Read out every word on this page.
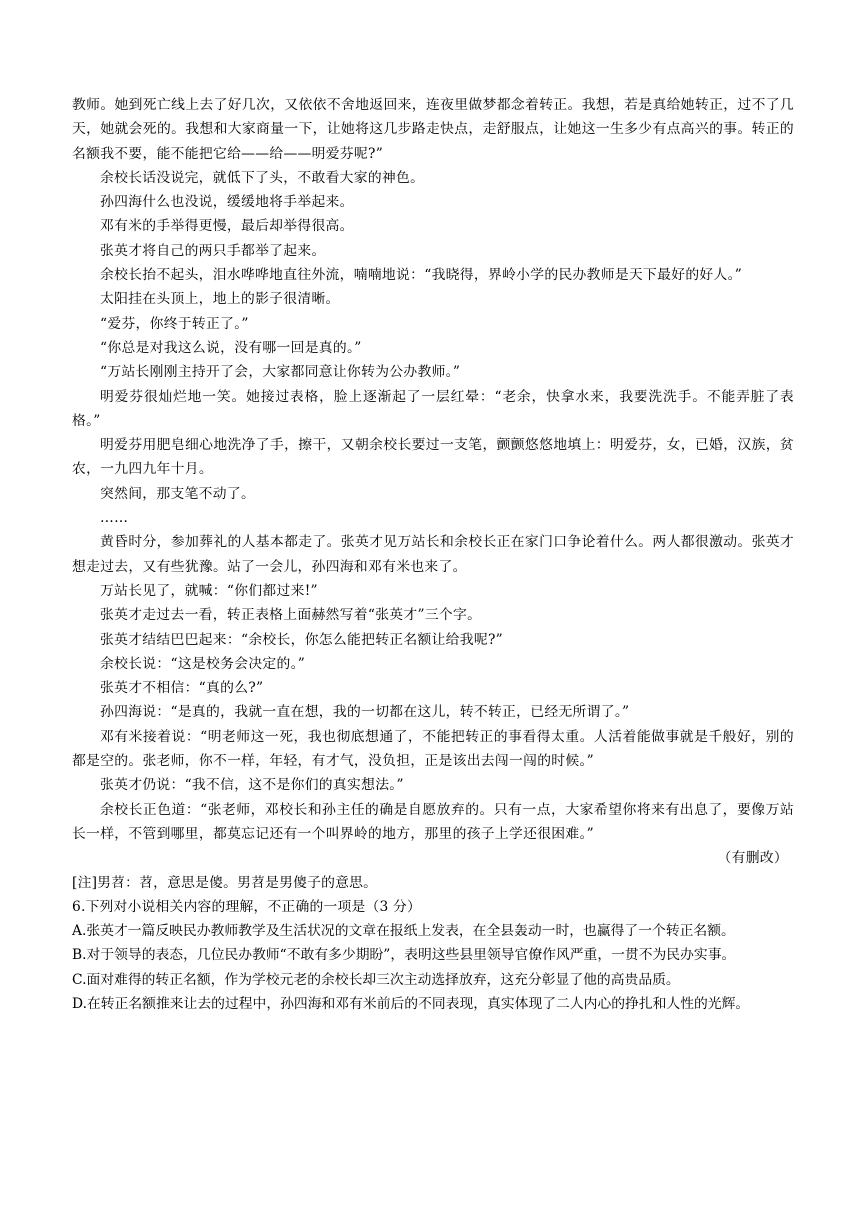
教师。她到死亡线上去了好几次，又依依不舍地返回来，连夜里做梦都念着转正。我想，若是真给她转正，过不了几天，她就会死的。我想和大家商量一下，让她将这几步路走快点，走舒服点，让她这一生多少有点高兴的事。转正的名额我不要，能不能把它给——给——明爱芬呢?”

余校长话没说完，就低下了头，不敢看大家的神色。

孙四海什么也没说，缓缓地将手举起来。

邓有米的手举得更慢，最后却举得很高。

张英才将自己的两只手都举了起来。

余校长抬不起头，泪水哗哗地直往外流，喃喃地说：“我晓得，界岭小学的民办教师是天下最好的好人。”

太阳挂在头顶上，地上的影子很清晰。

“爱芬，你终于转正了。”

“你总是对我这么说，没有哪一回是真的。”

“万站长刚刚主持开了会，大家都同意让你转为公办教师。”

明爱芬很灿烂地一笑。她接过表格，脸上逐渐起了一层红晕：“老余，快拿水来，我要洗洗手。不能弄脏了表格。”

明爱芬用肥皂细心地洗净了手，擦干，又朝余校长要过一支笔，颤颤悠悠地填上：明爱芬，女，已婚，汉族，贫农，一九四九年十月。

突然间，那支笔不动了。

……

黄昏时分，参加葬礼的人基本都走了。张英才见万站长和余校长正在家门口争论着什么。两人都很激动。张英才想走过去，又有些犹豫。站了一会儿，孙四海和邓有米也来了。

万站长见了，就喊：“你们都过来!”

张英才走过去一看，转正表格上面赫然写着“张英才”三个字。

张英才结结巴巴起来：“余校长，你怎么能把转正名额让给我呢?”

余校长说：“这是校务会决定的。”

张英才不相信：“真的么?”

孙四海说：“是真的，我就一直在想，我的一切都在这儿，转不转正，已经无所谓了。”

邓有米接着说：“明老师这一死，我也彻底想通了，不能把转正的事看得太重。人活着能做事就是千般好，别的都是空的。张老师，你不一样，年轻，有才气，没负担，正是该出去闯一闯的时候。”

张英才仍说：“我不信，这不是你们的真实想法。”

余校长正色道：“张老师，邓校长和孙主任的确是自愿放弃的。只有一点，大家希望你将来有出息了，要像万站长一样，不管到哪里，都莫忘记还有一个叫界岭的地方，那里的孩子上学还很困难。”

（有删改）

[注]男苕：苕，意思是傻。男苕是男傻子的意思。

6.下列对小说相关内容的理解，不正确的一项是（3 分）

A.张英才一篇反映民办教师教学及生活状况的文章在报纸上发表，在全县轰动一时，也赢得了一个转正名额。

B.对于领导的表态，几位民办教师“不敢有多少期盼”，表明这些县里领导官僚作风严重，一贯不为民办实事。

C.面对难得的转正名额，作为学校元老的余校长却三次主动选择放弃，这充分彰显了他的高贵品质。

D.在转正名额推来让去的过程中，孙四海和邓有米前后的不同表现，真实体现了二人内心的挣扎和人性的光辉。
